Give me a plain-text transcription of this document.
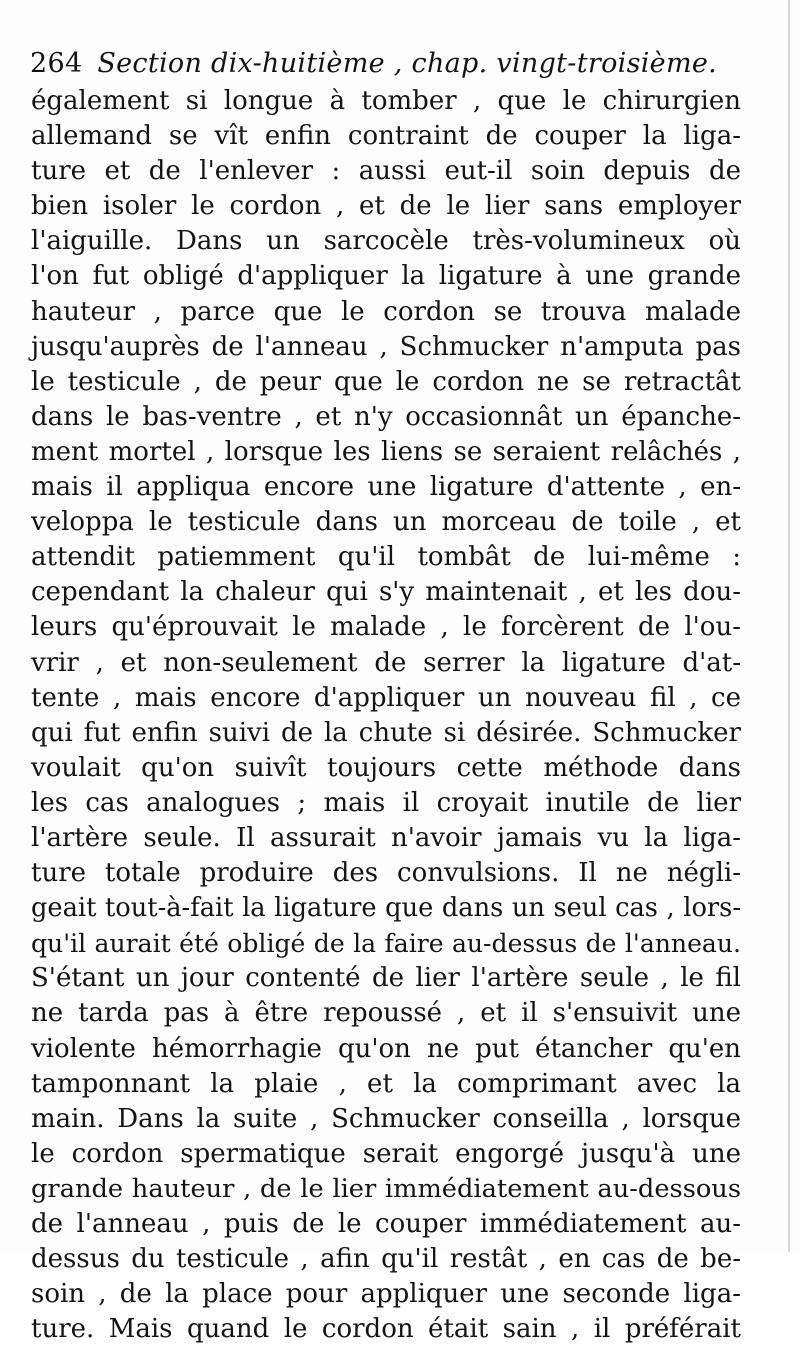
264 Section dix-huitième , chap. vingt-troisième.
également si longue à tomber , que le chirurgien
allemand se vît enfin contraint de couper la liga-
ture et de l'enlever : aussi eut-il soin depuis de
bien isoler le cordon , et de le lier sans employer
l'aiguille. Dans un sarcocèle très-volumineux où
l'on fut obligé d'appliquer la ligature à une grande
hauteur , parce que le cordon se trouva malade
jusqu'auprès de l'anneau , Schmucker n'amputa pas
le testicule , de peur que le cordon ne se retractât
dans le bas-ventre , et n'y occasionnât un épanche-
ment mortel , lorsque les liens se seraient relâchés ,
mais il appliqua encore une ligature d'attente , en-
veloppa le testicule dans un morceau de toile , et
attendit patiemment qu'il tombât de lui-même :
cependant la chaleur qui s'y maintenait , et les dou-
leurs qu'éprouvait le malade , le forcèrent de l'ou-
vrir , et non-seulement de serrer la ligature d'at-
tente , mais encore d'appliquer un nouveau fil , ce
qui fut enfin suivi de la chute si désirée. Schmucker
voulait qu'on suivît toujours cette méthode dans
les cas analogues ; mais il croyait inutile de lier
l'artère seule. Il assurait n'avoir jamais vu la liga-
ture totale produire des convulsions. Il ne négli-
geait tout-à-fait la ligature que dans un seul cas , lors-
qu'il aurait été obligé de la faire au-dessus de l'anneau.
S'étant un jour contenté de lier l'artère seule , le fil
ne tarda pas à être repoussé , et il s'ensuivit une
violente hémorrhagie qu'on ne put étancher qu'en
tamponnant la plaie , et la comprimant avec la
main. Dans la suite , Schmucker conseilla , lorsque
le cordon spermatique serait engorgé jusqu'à une
grande hauteur , de le lier immédiatement au-dessous
de l'anneau , puis de le couper immédiatement au-
dessus du testicule , afin qu'il restât , en cas de be-
soin , de la place pour appliquer une seconde liga-
ture. Mais quand le cordon était sain , il préférait
